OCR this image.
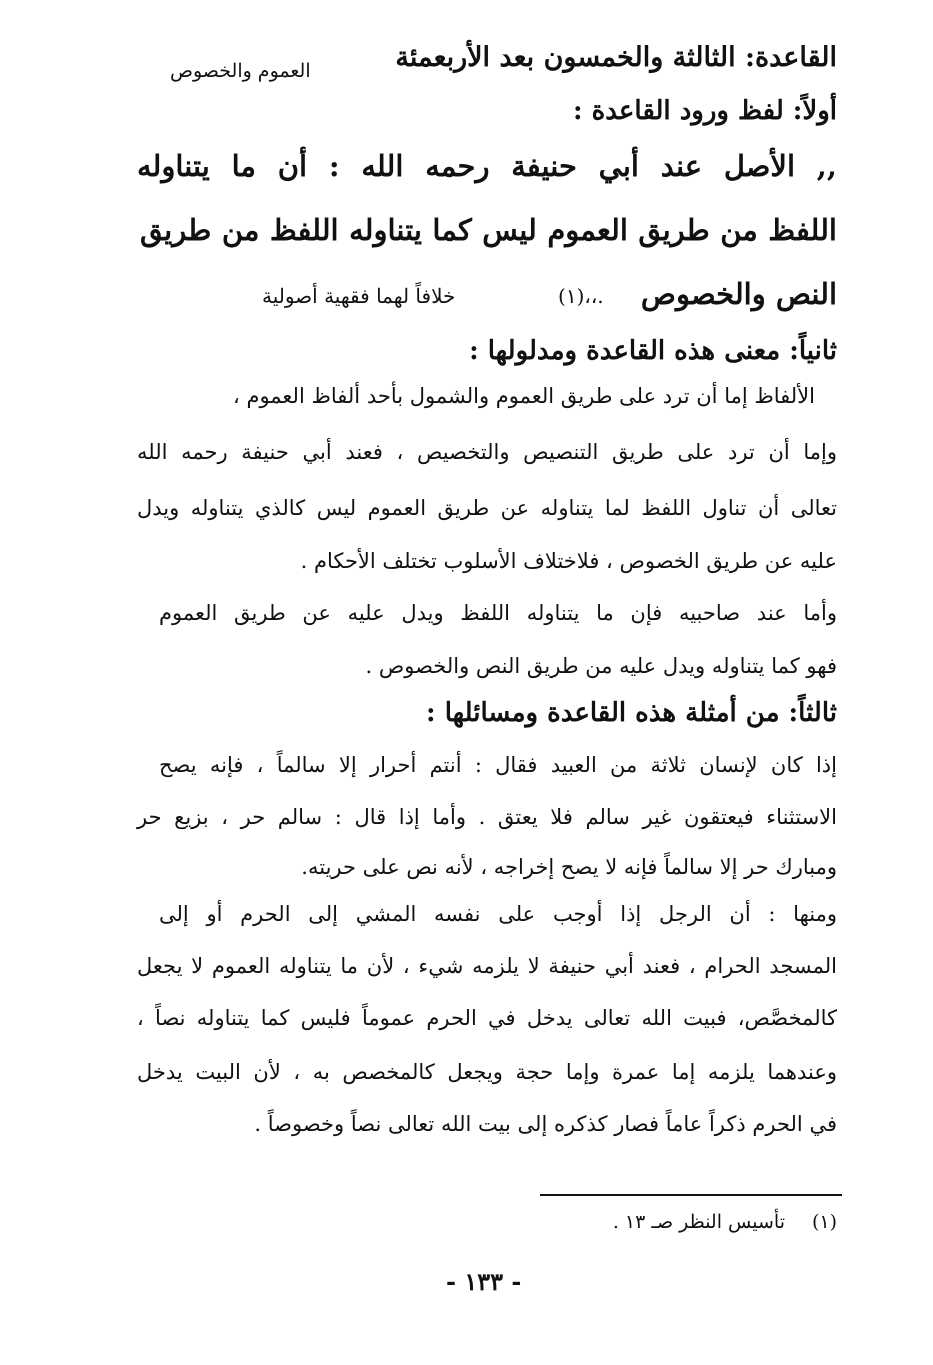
القاعدة: الثالثة والخمسون بعد الأربعمئة
العموم والخصوص
أولاً: لفظ ورود القاعدة :
,, الأصل عند أبي حنيفة رحمه الله : أن ما يتناوله
اللفظ من طريق العموم ليس كما يتناوله اللفظ من طريق
النص والخصوص
(١)،،.
خلافاً لهما فقهية أصولية
ثانياً: معنى هذه القاعدة ومدلولها :
الألفاظ إما أن ترد على طريق العموم والشمول بأحد ألفاظ العموم ،
وإما أن ترد على طريق التنصيص والتخصيص ، فعند أبي حنيفة رحمه الله
تعالى أن تناول اللفظ لما يتناوله عن طريق العموم ليس كالذي يتناوله ويدل
عليه عن طريق الخصوص ، فلاختلاف الأسلوب تختلف الأحكام .
وأما عند صاحبيه فإن ما يتناوله اللفظ ويدل عليه عن طريق العموم
فهو كما يتناوله ويدل عليه من طريق النص والخصوص .
ثالثاً: من أمثلة هذه القاعدة ومسائلها :
إذا كان لإنسان ثلاثة من العبيد فقال : أنتم أحرار إلا سالماً ، فإنه يصح
الاستثناء فيعتقون غير سالم فلا يعتق . وأما إذا قال : سالم حر ، بزيع حر
ومبارك حر إلا سالماً فإنه لا يصح إخراجه ، لأنه نص على حريته.
ومنها : أن الرجل إذا أوجب على نفسه المشي إلى الحرم أو إلى
المسجد الحرام ، فعند أبي حنيفة لا يلزمه شيء ، لأن ما يتناوله العموم لا يجعل
كالمخصَّص، فبيت الله تعالى يدخل في الحرم عموماً فليس كما يتناوله نصاً ،
وعندهما يلزمه إما عمرة وإما حجة ويجعل كالمخصص به ، لأن البيت يدخل
في الحرم ذكراً عاماً فصار كذكره إلى بيت الله تعالى نصاً وخصوصاً .
(١)
تأسيس النظر صـ ١٣ .
- ١٣٣ -
